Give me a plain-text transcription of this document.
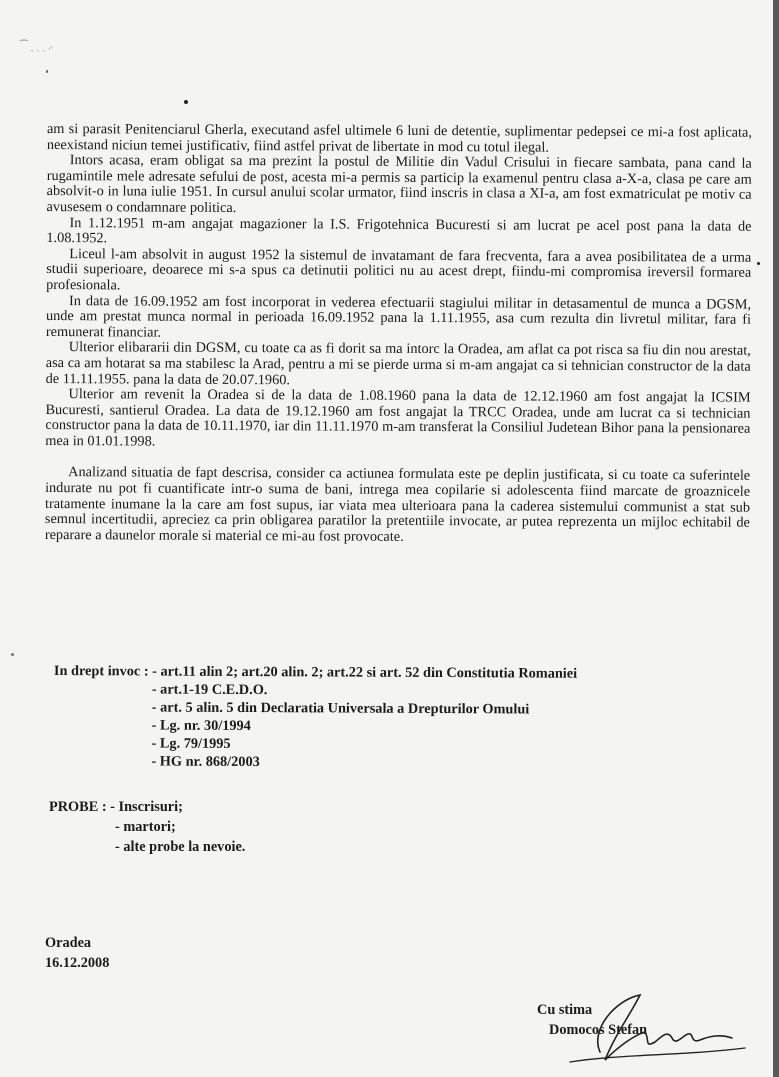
⁀ ˏ ˎ ͺ ⸝

am si parasit Penitenciarul Gherla, executand asfel ultimele 6 luni de detentie, suplimentar pedepsei ce mi-a fost aplicata, neexistand niciun temei justificativ, fiind astfel privat de libertate in mod cu totul ilegal.

Intors acasa, eram obligat sa ma prezint la postul de Militie din Vadul Crisului in fiecare sambata, pana cand la rugamintile mele adresate sefului de post, acesta mi-a permis sa particip la examenul pentru clasa a-X-a, clasa pe care am absolvit-o in luna iulie 1951. In cursul anului scolar urmator, fiind inscris in clasa a XI-a, am fost exmatriculat pe motiv ca avusesem o condamnare politica.

In 1.12.1951 m-am angajat magazioner la I.S. Frigotehnica Bucuresti si am lucrat pe acel post pana la data de 1.08.1952.

Liceul l-am absolvit in august 1952 la sistemul de invatamant de fara frecventa, fara a avea posibilitatea de a urma studii superioare, deoarece mi s-a spus ca detinutii politici nu au acest drept, fiindu-mi compromisa ireversil formarea profesionala.

In data de 16.09.1952 am fost incorporat in vederea efectuarii stagiului militar in detasamentul de munca a DGSM, unde am prestat munca normal in perioada 16.09.1952 pana la 1.11.1955, asa cum rezulta din livretul militar, fara fi remunerat financiar.

Ulterior elibararii din DGSM, cu toate ca as fi dorit sa ma intorc la Oradea, am aflat ca pot risca sa fiu din nou arestat, asa ca am hotarat sa ma stabilesc la Arad, pentru a mi se pierde urma si m-am angajat ca si tehnician constructor de la data de 11.11.1955. pana la data de 20.07.1960.

Ulterior am revenit la Oradea si de la data de 1.08.1960 pana la data de 12.12.1960 am fost angajat la ICSIM Bucuresti, santierul Oradea. La data de 19.12.1960 am fost angajat la TRCC Oradea, unde am lucrat ca si technician constructor pana la data de 10.11.1970, iar din 11.11.1970 m-am transferat la Consiliul Judetean Bihor pana la pensionarea mea in 01.01.1998.

Analizand situatia de fapt descrisa, consider ca actiunea formulata este pe deplin justificata, si cu toate ca suferintele indurate nu pot fi cuantificate intr-o suma de bani, intrega mea copilarie si adolescenta fiind marcate de groaznicele tratamente inumane la la care am fost supus, iar viata mea ulterioara pana la caderea sistemului communist a stat sub semnul incertitudii, apreciez ca prin obligarea paratilor la pretentiile invocate, ar putea reprezenta un mijloc echitabil de reparare a daunelor morale si material ce mi-au fost provocate.

In drept invoc : - art.11 alin 2; art.20 alin. 2; art.22 si art. 52 din Constitutia Romaniei
- art.1-19 C.E.D.O.
- art. 5 alin. 5 din Declaratia Universala a Drepturilor Omului
- Lg. nr. 30/1994
- Lg. 79/1995
- HG nr. 868/2003
PROBE : - Inscrisuri;
- martori;
- alte probe la nevoie.
Oradea
16.12.2008
Cu stima
Domocos Stefan
